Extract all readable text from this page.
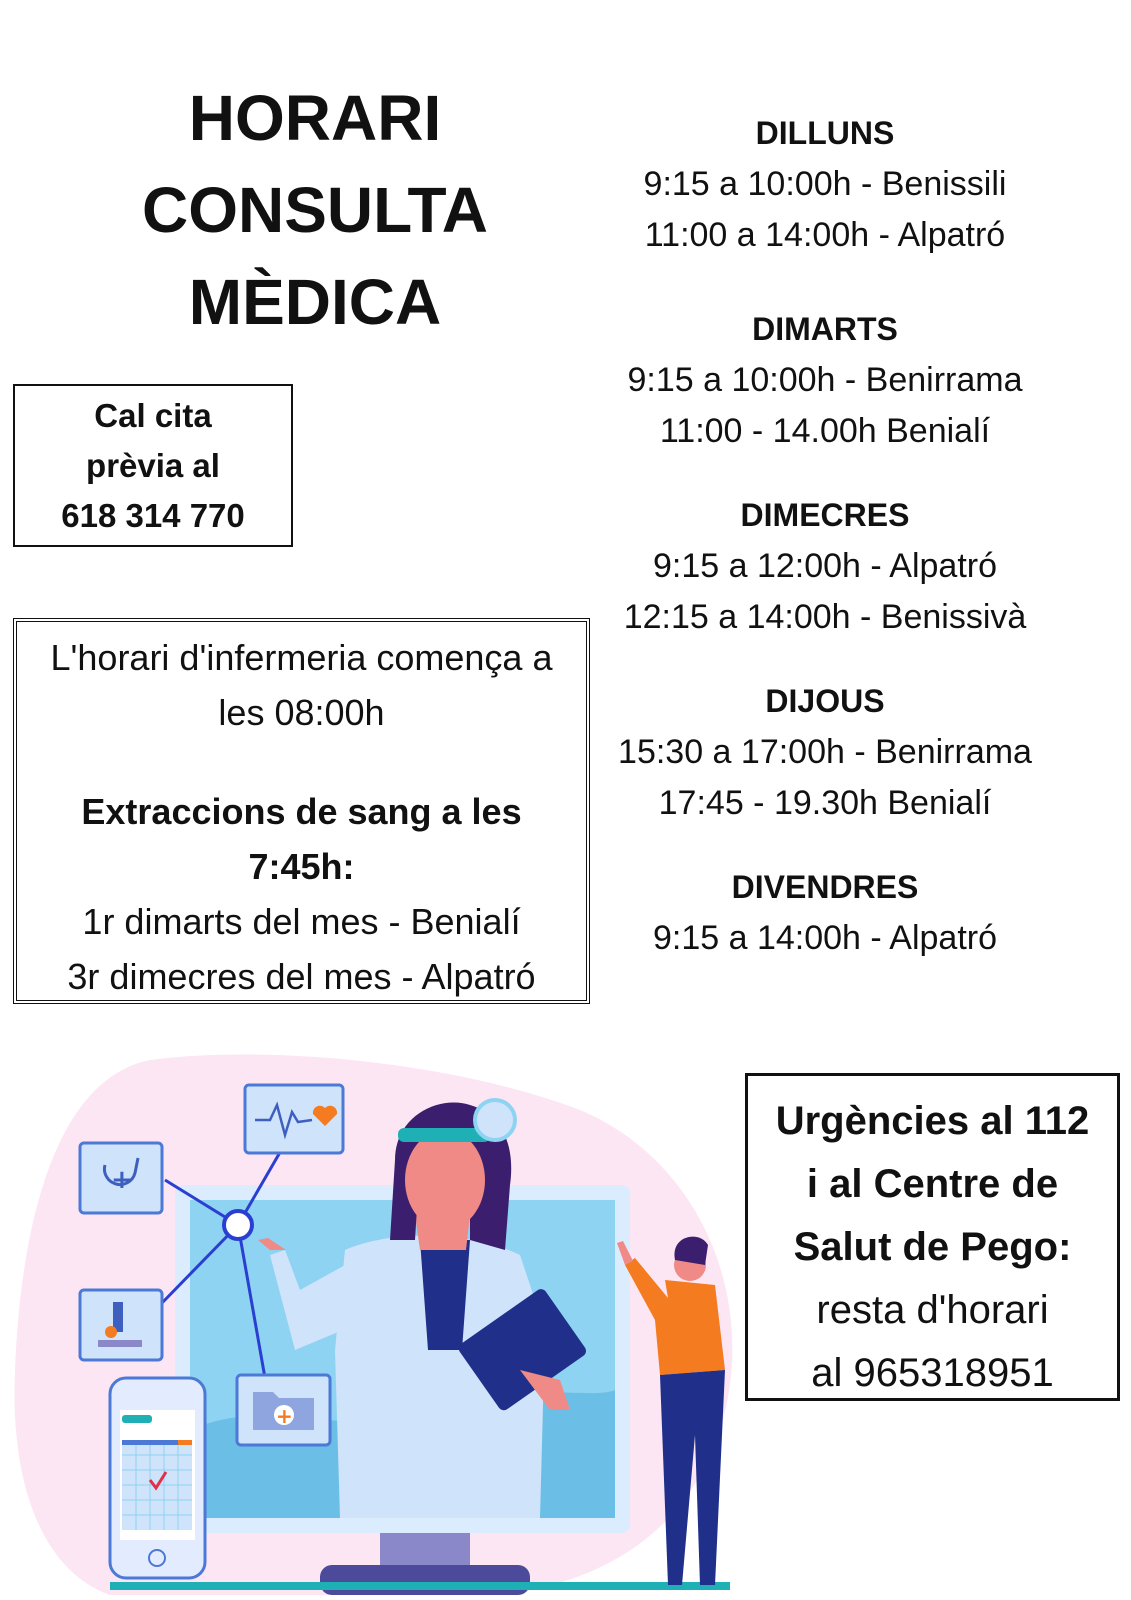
HORARI
CONSULTA
MÈDICA
Cal cita
prèvia al
618 314 770
L'horari d'infermeria comença a
les 08:00h
Extraccions de sang a les
7:45h:
1r dimarts del mes - Benialí
3r dimecres del mes - Alpatró
DILLUNS
9:15 a 10:00h - Benissili
11:00 a 14:00h - Alpatró
DIMARTS
9:15 a 10:00h - Benirrama
11:00 - 14.00h Benialí
DIMECRES
9:15 a 12:00h - Alpatró
12:15 a 14:00h - Benissivà
DIJOUS
15:30 a 17:00h - Benirrama
17:45 - 19.30h Benialí
DIVENDRES
9:15 a 14:00h - Alpatró
Urgències al 112
i al Centre de
Salut de Pego:
resta d'horari
al 965318951
+
+
